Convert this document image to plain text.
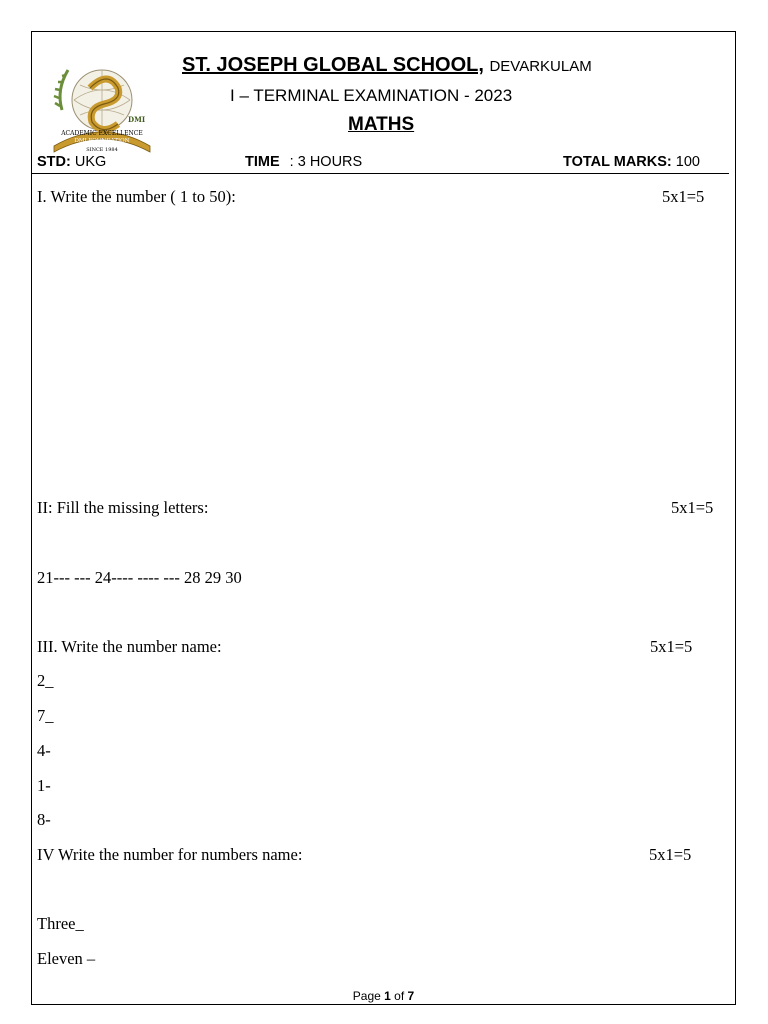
ACADEMIC EXCELLENCE
DMI
DMI FOUNDATION
SINCE 1984
ST. JOSEPH GLOBAL SCHOOL, DEVARKULAM
I – TERMINAL EXAMINATION - 2023
MATHS
STD: UKG	TIME : 3 HOURS	TOTAL MARKS: 100
I. Write the number ( 1 to 50):	5x1=5
II: Fill the missing letters:	5x1=5
21--- --- 24---- ---- --- 28 29 30
III. Write the number name:	5x1=5
2_
7_
4-
1-
8-
IV Write the number for numbers name:	5x1=5
Three_
Eleven –
Page 1 of 7
